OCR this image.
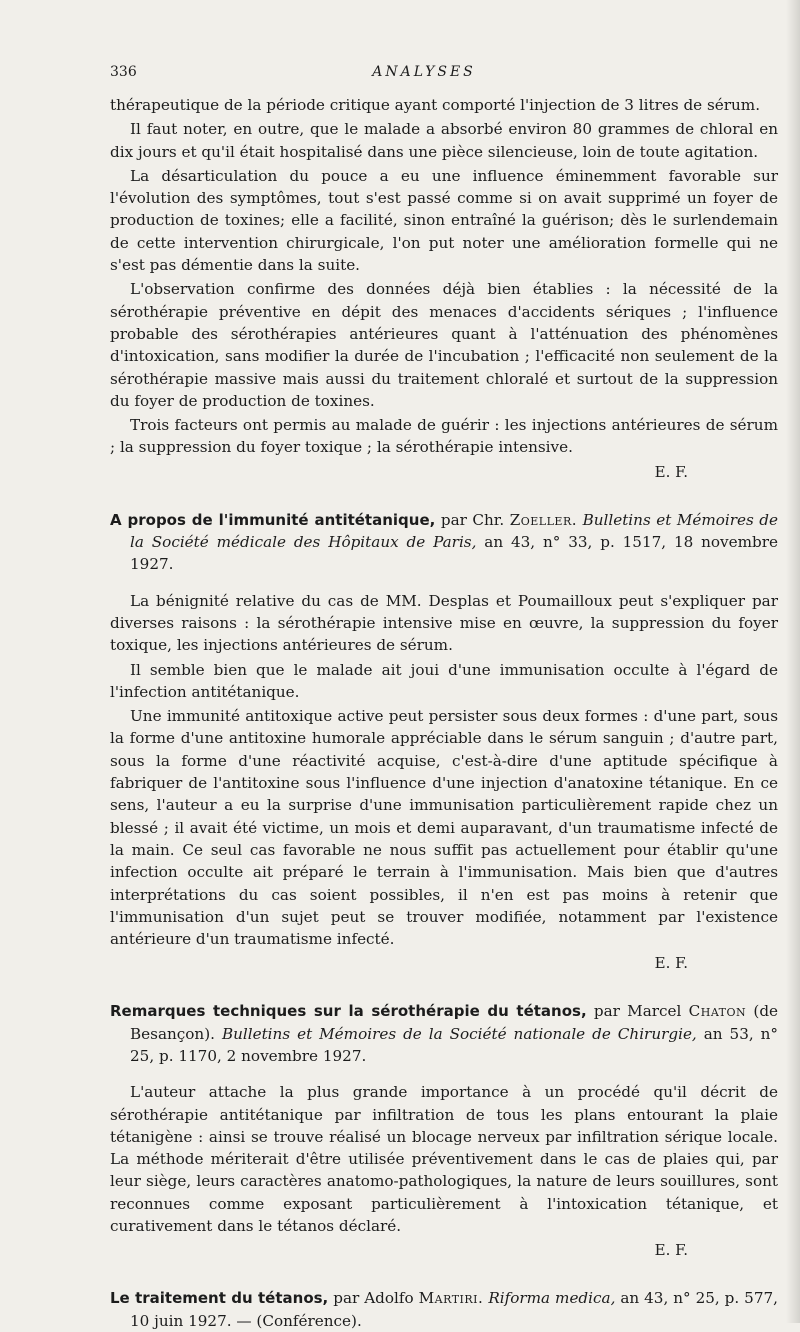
336	ANALYSES

thérapeutique de la période critique ayant comporté l'injection de 3 litres de sérum.

Il faut noter, en outre, que le malade a absorbé environ 80 grammes de chloral en dix jours et qu'il était hospitalisé dans une pièce silencieuse, loin de toute agitation.

La désarticulation du pouce a eu une influence éminemment favorable sur l'évolution des symptômes, tout s'est passé comme si on avait supprimé un foyer de production de toxines; elle a facilité, sinon entraîné la guérison; dès le surlendemain de cette intervention chirurgicale, l'on put noter une amélioration formelle qui ne s'est pas démentie dans la suite.

L'observation confirme des données déjà bien établies : la nécessité de la sérothérapie préventive en dépit des menaces d'accidents sériques ; l'influence probable des sérothérapies antérieures quant à l'atténuation des phénomènes d'intoxication, sans modifier la durée de l'incubation ; l'efficacité non seulement de la sérothérapie massive mais aussi du traitement chloralé et surtout de la suppression du foyer de production de toxines.

Trois facteurs ont permis au malade de guérir : les injections antérieures de sérum ; la suppression du foyer toxique ; la sérothérapie intensive.

E. F.
A propos de l'immunité antitétanique, par Chr. Zoeller. Bulletins et Mémoires de la Société médicale des Hôpitaux de Paris, an 43, n° 33, p. 1517, 18 novembre 1927.

La bénignité relative du cas de MM. Desplas et Poumailloux peut s'expliquer par diverses raisons : la sérothérapie intensive mise en œuvre, la suppression du foyer toxique, les injections antérieures de sérum.

Il semble bien que le malade ait joui d'une immunisation occulte à l'égard de l'infection antitétanique.

Une immunité antitoxique active peut persister sous deux formes : d'une part, sous la forme d'une antitoxine humorale appréciable dans le sérum sanguin ; d'autre part, sous la forme d'une réactivité acquise, c'est-à-dire d'une aptitude spécifique à fabriquer de l'antitoxine sous l'influence d'une injection d'anatoxine tétanique. En ce sens, l'auteur a eu la surprise d'une immunisation particulièrement rapide chez un blessé ; il avait été victime, un mois et demi auparavant, d'un traumatisme infecté de la main. Ce seul cas favorable ne nous suffit pas actuellement pour établir qu'une infection occulte ait préparé le terrain à l'immunisation. Mais bien que d'autres interprétations du cas soient possibles, il n'en est pas moins à retenir que l'immunisation d'un sujet peut se trouver modifiée, notamment par l'existence antérieure d'un traumatisme infecté.

E. F.
Remarques techniques sur la sérothérapie du tétanos, par Marcel Chaton (de Besançon). Bulletins et Mémoires de la Société nationale de Chirurgie, an 53, n° 25, p. 1170, 2 novembre 1927.

L'auteur attache la plus grande importance à un procédé qu'il décrit de sérothérapie antitétanique par infiltration de tous les plans entourant la plaie tétanigène : ainsi se trouve réalisé un blocage nerveux par infiltration sérique locale. La méthode mériterait d'être utilisée préventivement dans le cas de plaies qui, par leur siège, leurs caractères anatomo-pathologiques, la nature de leurs souillures, sont reconnues comme exposant particulièrement à l'intoxication tétanique, et curativement dans le tétanos déclaré.

E. F.
Le traitement du tétanos, par Adolfo Martiri. Riforma medica, an 43, n° 25, p. 577, 10 juin 1927. — (Conférence).
